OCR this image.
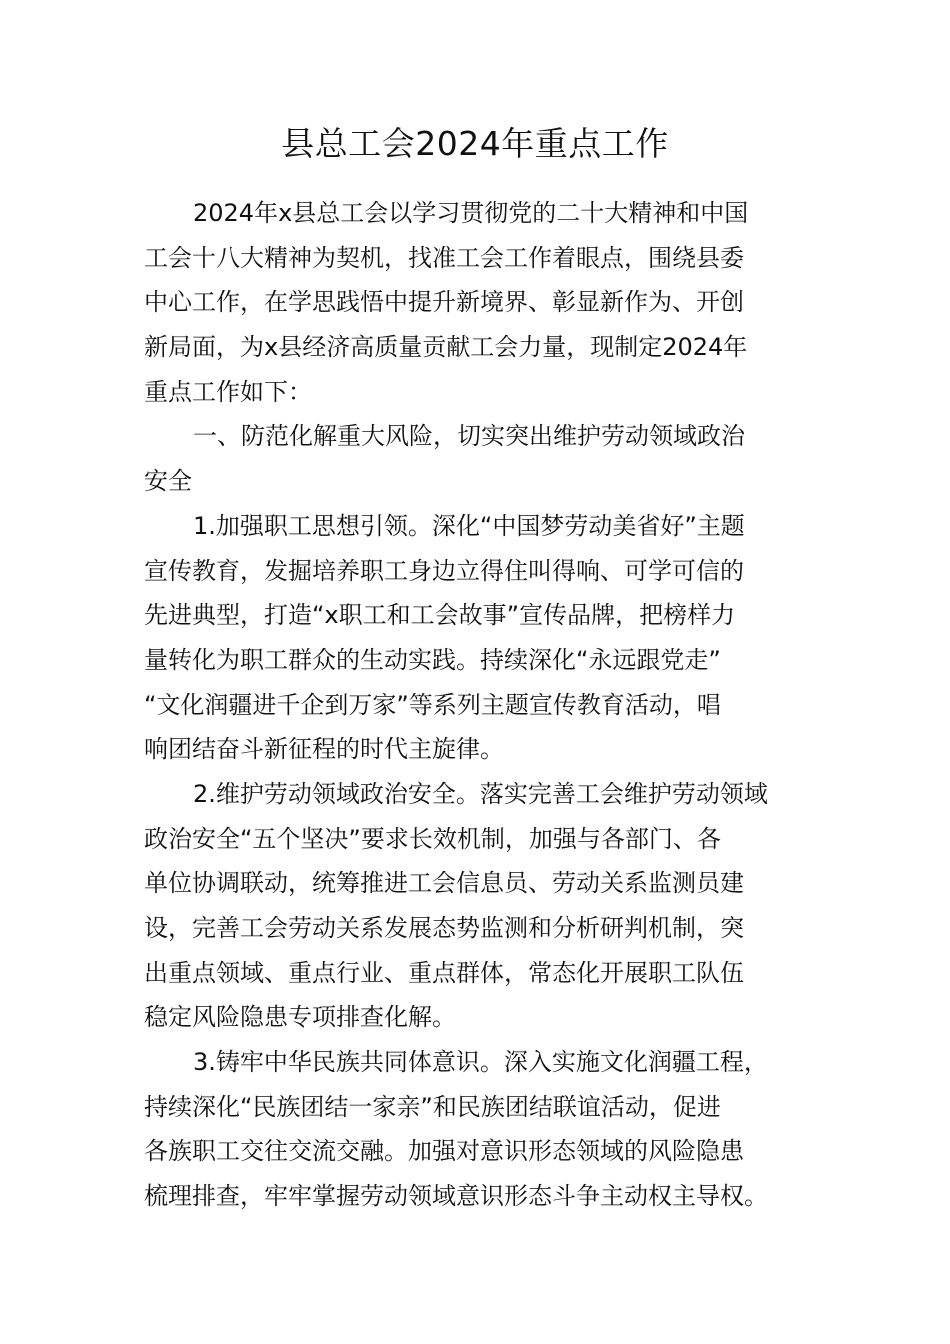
县总工会2024年重点工作
2024年x县总工会以学习贯彻党的二十大精神和中国
工会十八大精神为契机，找准工会工作着眼点，围绕县委
中心工作，在学思践悟中提升新境界、彰显新作为、开创
新局面，为x县经济高质量贡献工会力量，现制定2024年
重点工作如下：
一、防范化解重大风险，切实突出维护劳动领域政治
安全
1.加强职工思想引领。深化“中国梦劳动美省好”主题
宣传教育，发掘培养职工身边立得住叫得响、可学可信的
先进典型，打造“x职工和工会故事”宣传品牌，把榜样力
量转化为职工群众的生动实践。持续深化“永远跟党走”
“文化润疆进千企到万家”等系列主题宣传教育活动，唱
响团结奋斗新征程的时代主旋律。
2.维护劳动领域政治安全。落实完善工会维护劳动领域
政治安全“五个坚决”要求长效机制，加强与各部门、各
单位协调联动，统筹推进工会信息员、劳动关系监测员建
设，完善工会劳动关系发展态势监测和分析研判机制，突
出重点领域、重点行业、重点群体，常态化开展职工队伍
稳定风险隐患专项排查化解。
3.铸牢中华民族共同体意识。深入实施文化润疆工程，
持续深化“民族团结一家亲”和民族团结联谊活动，促进
各族职工交往交流交融。加强对意识形态领域的风险隐患
梳理排查，牢牢掌握劳动领域意识形态斗争主动权主导权。
